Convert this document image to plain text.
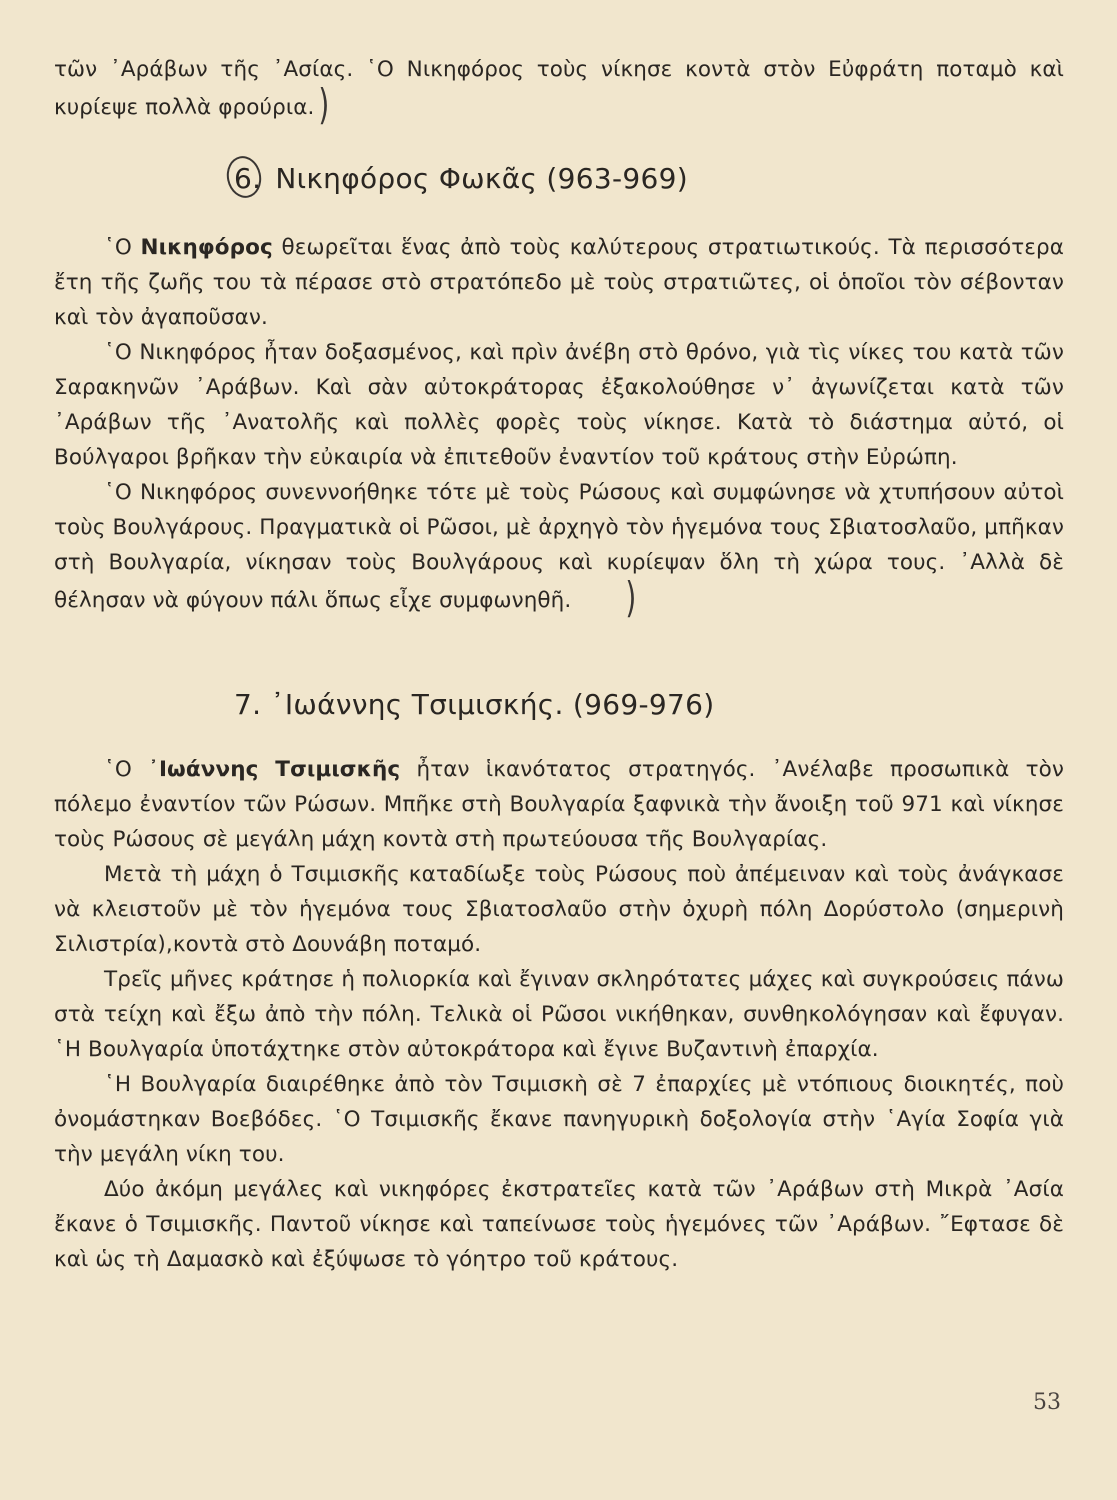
τῶν ᾽Αράβων τῆς ᾽Ασίας. ῾Ο Νικηφόρος τοὺς νίκησε κοντὰ στὸν Εὐφράτη ποταμὸ καὶ κυρίεψε πολλὰ φρούρια. )

6. Νικηφόρος Φωκᾶς (963-969)

῾Ο Νικηφόρος θεωρεῖται ἕνας ἀπὸ τοὺς καλύτερους στρατιωτικούς. Τὰ περισσότερα ἔτη τῆς ζωῆς του τὰ πέρασε στὸ στρατόπεδο μὲ τοὺς στρατιῶτες, οἱ ὁποῖοι τὸν σέβονταν καὶ τὸν ἀγαποῦσαν.

῾Ο Νικηφόρος ἦταν δοξασμένος, καὶ πρὶν ἀνέβη στὸ θρόνο, γιὰ τὶς νίκες του κατὰ τῶν Σαρακηνῶν ᾽Αράβων. Καὶ σὰν αὐτοκράτορας ἐξακολούθησε ν᾽ ἀγωνίζεται κατὰ τῶν ᾽Αράβων τῆς ᾽Ανατολῆς καὶ πολλὲς φορὲς τοὺς νίκησε. Κατὰ τὸ διάστημα αὐτό, οἱ Βούλγαροι βρῆκαν τὴν εὐκαιρία νὰ ἐπιτεθοῦν ἐναντίον τοῦ κράτους στὴν Εὐρώπη.

῾Ο Νικηφόρος συνεννοήθηκε τότε μὲ τοὺς Ρώσους καὶ συμφώνησε νὰ χτυπήσουν αὐτοὶ τοὺς Βουλγάρους. Πραγματικὰ οἱ Ρῶσοι, μὲ ἀρχηγὸ τὸν ἡγεμόνα τους Σβιατοσλαῦο, μπῆκαν στὴ Βουλγαρία, νίκησαν τοὺς Βουλγάρους καὶ κυρίεψαν ὅλη τὴ χώρα τους. ᾽Αλλὰ δὲ θέλησαν νὰ φύγουν πάλι ὅπως εἶχε συμφωνηθῆ. )

7. ᾽Ιωάννης Τσιμισκής. (969-976)

῾Ο ᾽Ιωάννης Τσιμισκῆς ἦταν ἱκανότατος στρατηγός. ᾽Ανέλαβε προσωπικὰ τὸν πόλεμο ἐναντίον τῶν Ρώσων. Μπῆκε στὴ Βουλγαρία ξαφνικὰ τὴν ἄνοιξη τοῦ 971 καὶ νίκησε τοὺς Ρώσους σὲ μεγάλη μάχη κοντὰ στὴ πρωτεύουσα τῆς Βουλγαρίας.

Μετὰ τὴ μάχη ὁ Τσιμισκῆς καταδίωξε τοὺς Ρώσους ποὺ ἀπέμειναν καὶ τοὺς ἀνάγκασε νὰ κλειστοῦν μὲ τὸν ἡγεμόνα τους Σβιατοσλαῦο στὴν ὀχυρὴ πόλη Δορύστολο (σημερινὴ Σιλιστρία),κοντὰ στὸ Δουνάβη ποταμό.

Τρεῖς μῆνες κράτησε ἡ πολιορκία καὶ ἔγιναν σκληρότατες μάχες καὶ συγκρούσεις πάνω στὰ τείχη καὶ ἔξω ἀπὸ τὴν πόλη. Τελικὰ οἱ Ρῶσοι νικήθηκαν, συνθηκολόγησαν καὶ ἔφυγαν. ῾Η Βουλγαρία ὑποτάχτηκε στὸν αὐτοκράτορα καὶ ἔγινε Βυζαντινὴ ἐπαρχία.

῾Η Βουλγαρία διαιρέθηκε ἀπὸ τὸν Τσιμισκὴ σὲ 7 ἐπαρχίες μὲ ντόπιους διοικητές, ποὺ ὀνομάστηκαν Βοεβόδες. ῾Ο Τσιμισκῆς ἔκανε πανηγυρικὴ δοξολογία στὴν ῾Αγία Σοφία γιὰ τὴν μεγάλη νίκη του.

Δύο ἀκόμη μεγάλες καὶ νικηφόρες ἐκστρατεῖες κατὰ τῶν ᾽Αράβων στὴ Μικρὰ ᾽Ασία ἔκανε ὁ Τσιμισκῆς. Παντοῦ νίκησε καὶ ταπείνωσε τοὺς ἡγεμόνες τῶν ᾽Αράβων. ῎Εφτασε δὲ καὶ ὡς τὴ Δαμασκὸ καὶ ἐξύψωσε τὸ γόητρο τοῦ κράτους.

53
